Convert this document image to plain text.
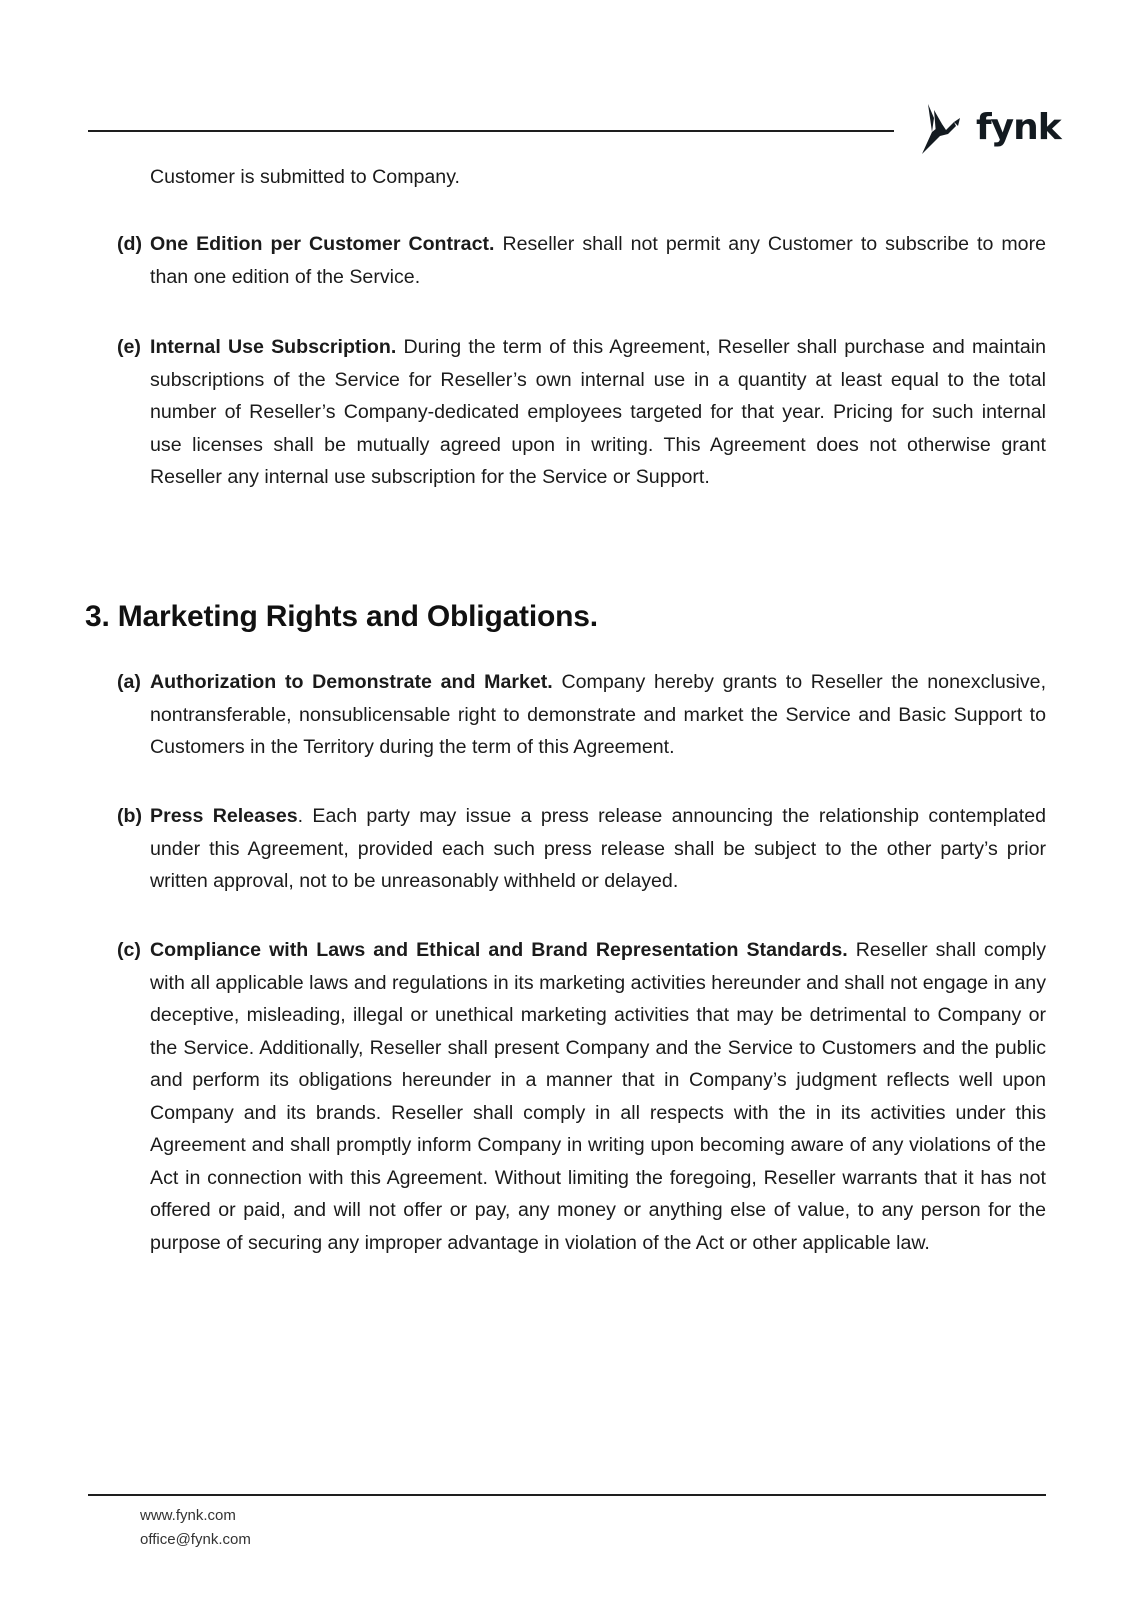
fynk

Customer is submitted to Company.

(d) One Edition per Customer Contract. Reseller shall not permit any Customer to subscribe to more than one edition of the Service.
(e) Internal Use Subscription. During the term of this Agreement, Reseller shall purchase and maintain subscriptions of the Service for Reseller’s own internal use in a quantity at least equal to the total number of Reseller’s Company-dedicated employees targeted for that year. Pricing for such internal use licenses shall be mutually agreed upon in writing. This Agreement does not otherwise grant Reseller any internal use subscription for the Service or Support.
3. Marketing Rights and Obligations.
(a) Authorization to Demonstrate and Market. Company hereby grants to Reseller the nonexclusive, nontransferable, nonsublicensable right to demonstrate and market the Service and Basic Support to Customers in the Territory during the term of this Agreement.
(b) Press Releases. Each party may issue a press release announcing the relationship contemplated under this Agreement, provided each such press release shall be subject to the other party’s prior written approval, not to be unreasonably withheld or delayed.
(c) Compliance with Laws and Ethical and Brand Representation Standards. Reseller shall comply with all applicable laws and regulations in its marketing activities hereunder and shall not engage in any deceptive, misleading, illegal or unethical marketing activities that may be detrimental to Company or the Service. Additionally, Reseller shall present Company and the Service to Customers and the public and perform its obligations hereunder in a manner that in Company’s judgment reflects well upon Company and its brands. Reseller shall comply in all respects with the in its activities under this Agreement and shall promptly inform Company in writing upon becoming aware of any violations of the Act in connection with this Agreement. Without limiting the foregoing, Reseller warrants that it has not offered or paid, and will not offer or pay, any money or anything else of value, to any person for the purpose of securing any improper advantage in violation of the Act or other applicable law.
www.fynk.com
office@fynk.com
